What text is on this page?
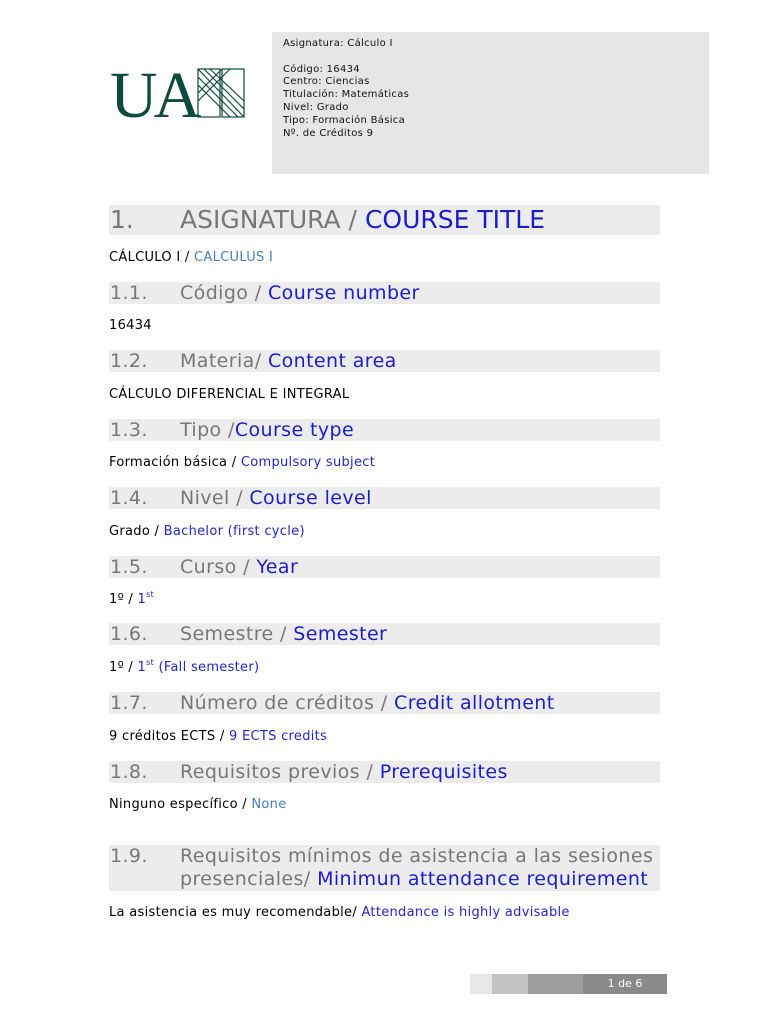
UA
Asignatura: Cálculo I
Código: 16434
Centro: Ciencias
Titulación: Matemáticas
Nivel: Grado
Tipo: Formación Básica
Nº. de Créditos 9
1. ASIGNATURA / COURSE TITLE
CÁLCULO I / CALCULUS I
1.1. Código / Course number
16434
1.2. Materia/ Content area
CÁLCULO DIFERENCIAL E INTEGRAL
1.3. Tipo /Course type
Formación básica / Compulsory subject
1.4. Nivel / Course level
Grado / Bachelor (first cycle)
1.5. Curso / Year
1º / 1st
1.6. Semestre / Semester
1º / 1st (Fall semester)
1.7. Número de créditos / Credit allotment
9 créditos ECTS / 9 ECTS credits
1.8. Requisitos previos / Prerequisites
Ninguno específico / None
1.9. Requisitos mínimos de asistencia a las sesiones presenciales/ Minimun attendance requirement
La asistencia es muy recomendable/ Attendance is highly advisable
1 de 6
